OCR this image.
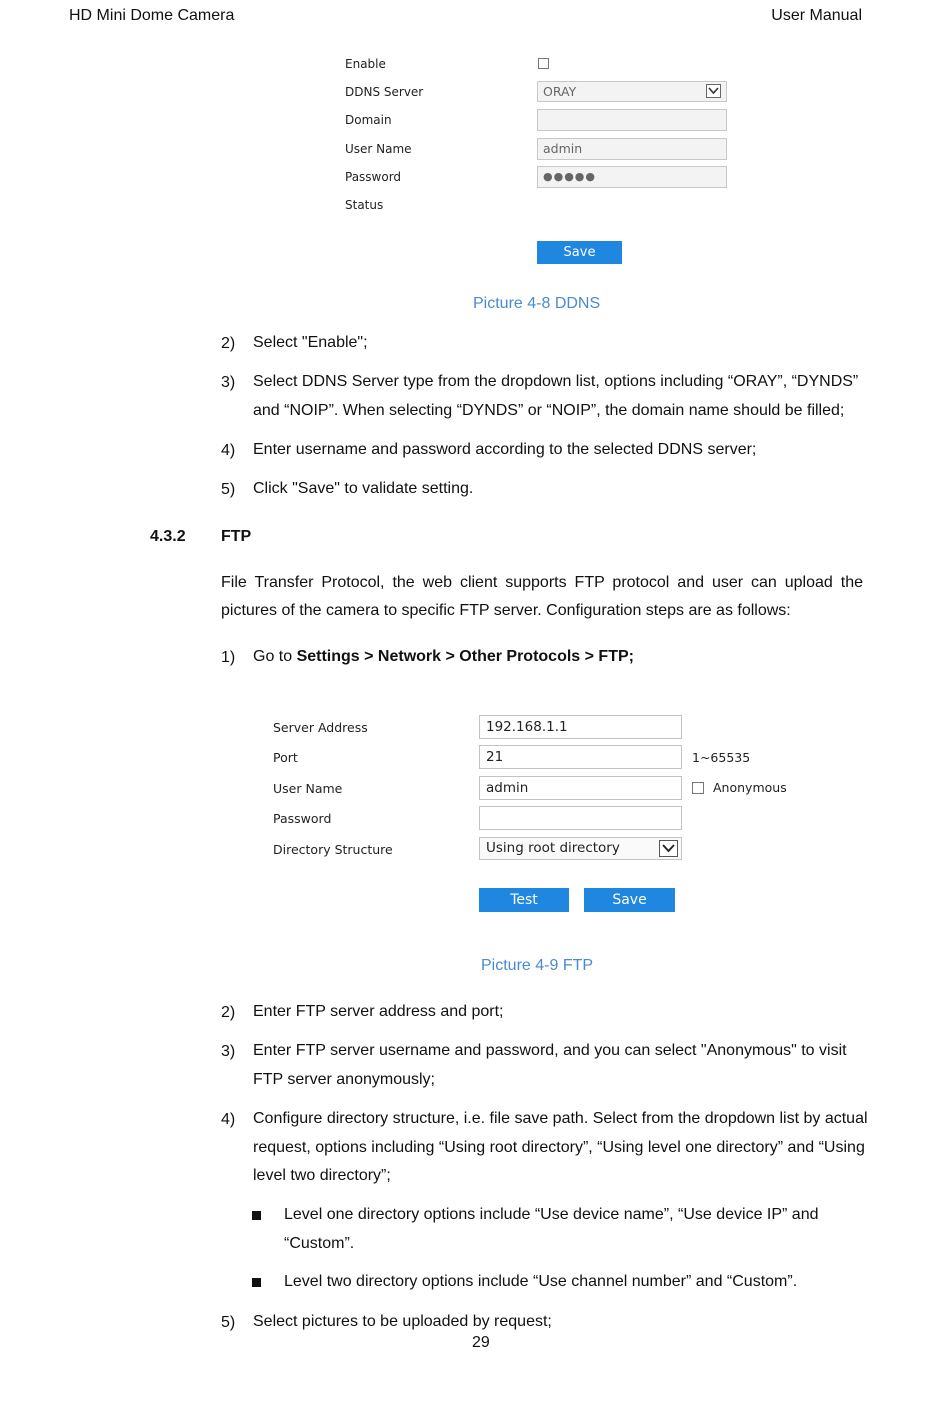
HD Mini Dome Camera	User Manual
Enable
DDNS Server	ORAY
Domain
User Name	admin
Password	●●●●●
Status
Save
Picture 4-8 DDNS
2) Select "Enable";
3) Select DDNS Server type from the dropdown list, options including “ORAY”, “DYNDS” and “NOIP”. When selecting “DYNDS” or “NOIP”, the domain name should be filled;
4) Enter username and password according to the selected DDNS server;
5) Click "Save" to validate setting.
4.3.2 FTP
File Transfer Protocol, the web client supports FTP protocol and user can upload the pictures of the camera to specific FTP server. Configuration steps are as follows:
1) Go to Settings > Network > Other Protocols > FTP;
Server Address	192.168.1.1
Port	21	1~65535
User Name	admin	Anonymous
Password
Directory Structure	Using root directory
Test	Save
Picture 4-9 FTP
2) Enter FTP server address and port;
3) Enter FTP server username and password, and you can select "Anonymous" to visit FTP server anonymously;
4) Configure directory structure, i.e. file save path. Select from the dropdown list by actual request, options including “Using root directory”, “Using level one directory” and “Using level two directory”;
Level one directory options include “Use device name”, “Use device IP” and “Custom”.
Level two directory options include “Use channel number” and “Custom”.
5) Select pictures to be uploaded by request;
29
